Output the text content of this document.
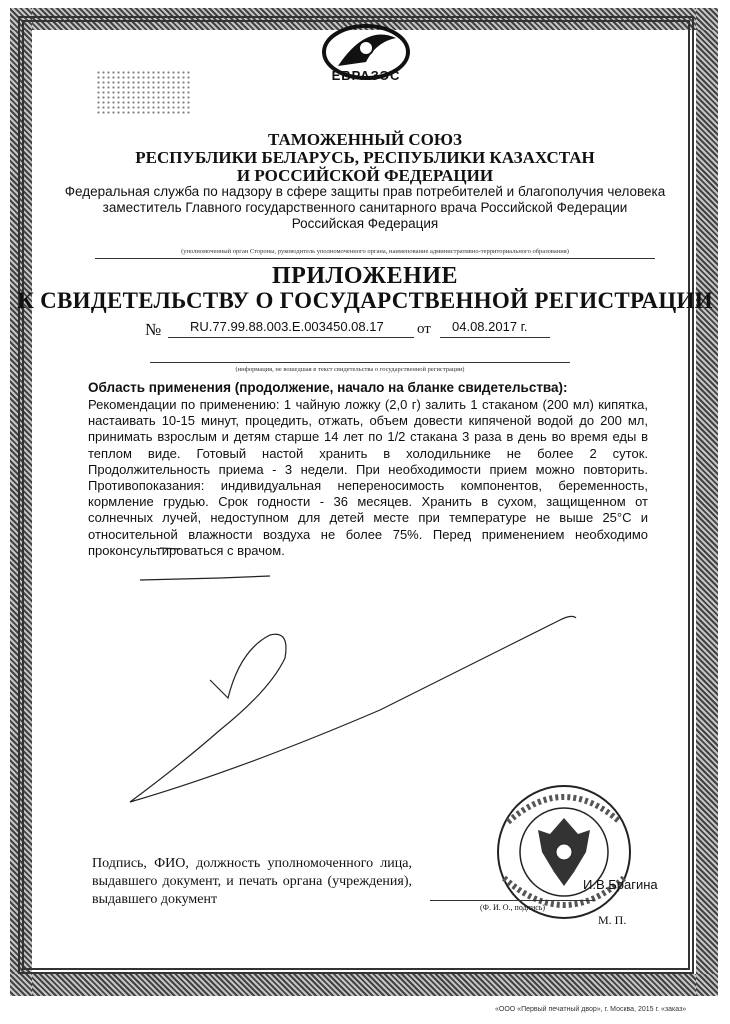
ЕВРАЗЭС
ТАМОЖЕННЫЙ СОЮЗ
РЕСПУБЛИКИ БЕЛАРУСЬ, РЕСПУБЛИКИ КАЗАХСТАН
И РОССИЙСКОЙ ФЕДЕРАЦИИ
Федеральная служба по надзору в сфере защиты прав потребителей и благополучия человека
заместитель Главного государственного санитарного врача Российской Федерации
Российская Федерация
(уполномоченный орган Стороны, руководитель уполномоченного органа, наименование административно-территориального образования)
ПРИЛОЖЕНИЕ
К СВИДЕТЕЛЬСТВУ О ГОСУДАРСТВЕННОЙ РЕГИСТРАЦИИ
№ RU.77.99.88.003.E.003450.08.17 от 04.08.2017 г.
(информация, не вошедшая в текст свидетельства о государственной регистрации)
Область применения (продолжение, начало на бланке свидетельства):
Рекомендации по применению: 1 чайную ложку (2,0 г) залить 1 стаканом (200 мл) кипятка, настаивать 10-15 минут, процедить, отжать, объем довести кипяченой водой до 200 мл, принимать взрослым и детям старше 14 лет по 1/2 стакана 3 раза в день во время еды в теплом виде. Готовый настой хранить в холодильнике не более 2 суток. Продолжительность приема - 3 недели. При необходимости прием можно повторить. Противопоказания: индивидуальная непереносимость компонентов, беременность, кормление грудью. Срок годности - 36 месяцев. Хранить в сухом, защищенном от солнечных лучей, недоступном для детей месте при температуре не выше 25°C и относительной влажности воздуха не более 75%. Перед применением необходимо проконсультироваться с врачом.
Подпись, ФИО, должность уполномоченного лица, выдавшего документ, и печать органа (учреждения), выдавшего документ
И.В.Брагина
(Ф. И. О., подпись)
М. П.
«ООО «Первый печатный двор», г. Москва, 2015 г. «заказ»
